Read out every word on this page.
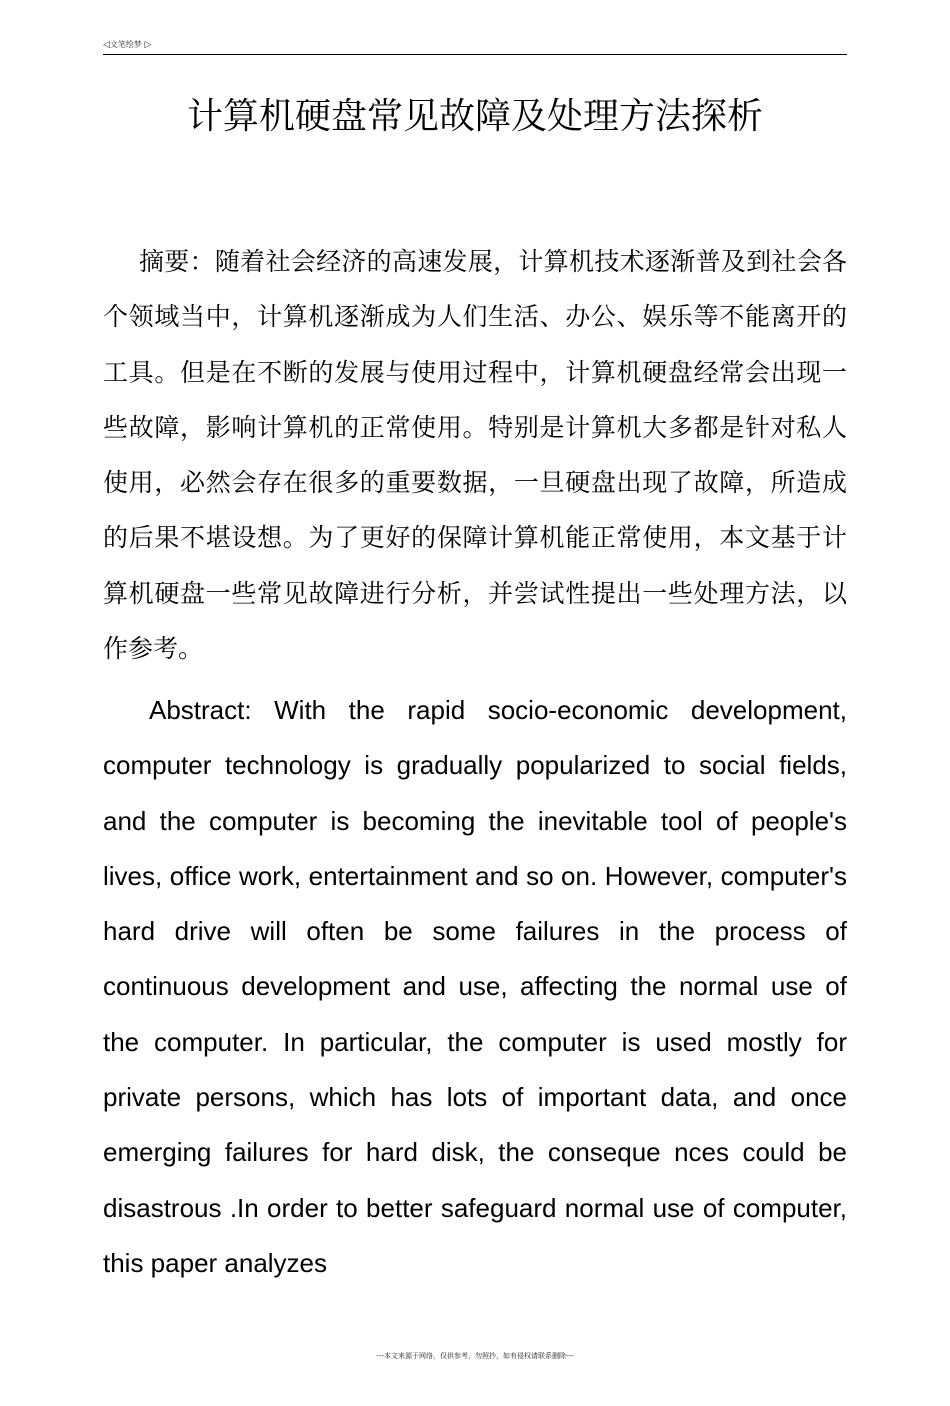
◁文笔绘梦 ▷
计算机硬盘常见故障及处理方法探析

摘要：随着社会经济的高速发展，计算机技术逐渐普及到社会各个领域当中，计算机逐渐成为人们生活、办公、娱乐等不能离开的工具。但是在不断的发展与使用过程中，计算机硬盘经常会出现一些故障，影响计算机的正常使用。特别是计算机大多都是针对私人使用，必然会存在很多的重要数据，一旦硬盘出现了故障，所造成的后果不堪设想。为了更好的保障计算机能正常使用，本文基于计算机硬盘一些常见故障进行分析，并尝试性提出一些处理方法，以作参考。

Abstract: With the rapid socio-economic development, computer technology is gradually popularized to social fields, and the computer is becoming the inevitable tool of people's lives, office work, entertainment and so on. However, computer's hard drive will often be some failures in the process of continuous development and use, affecting the normal use of the computer. In particular, the computer is used mostly for private persons, which has lots of important data, and once emerging failures for hard disk, the conseque nces could be disastrous .In order to better safeguard normal use of computer, this paper analyzes

---本文来源于网络，仅供参考，勿照抄，如有侵权请联系删除---
